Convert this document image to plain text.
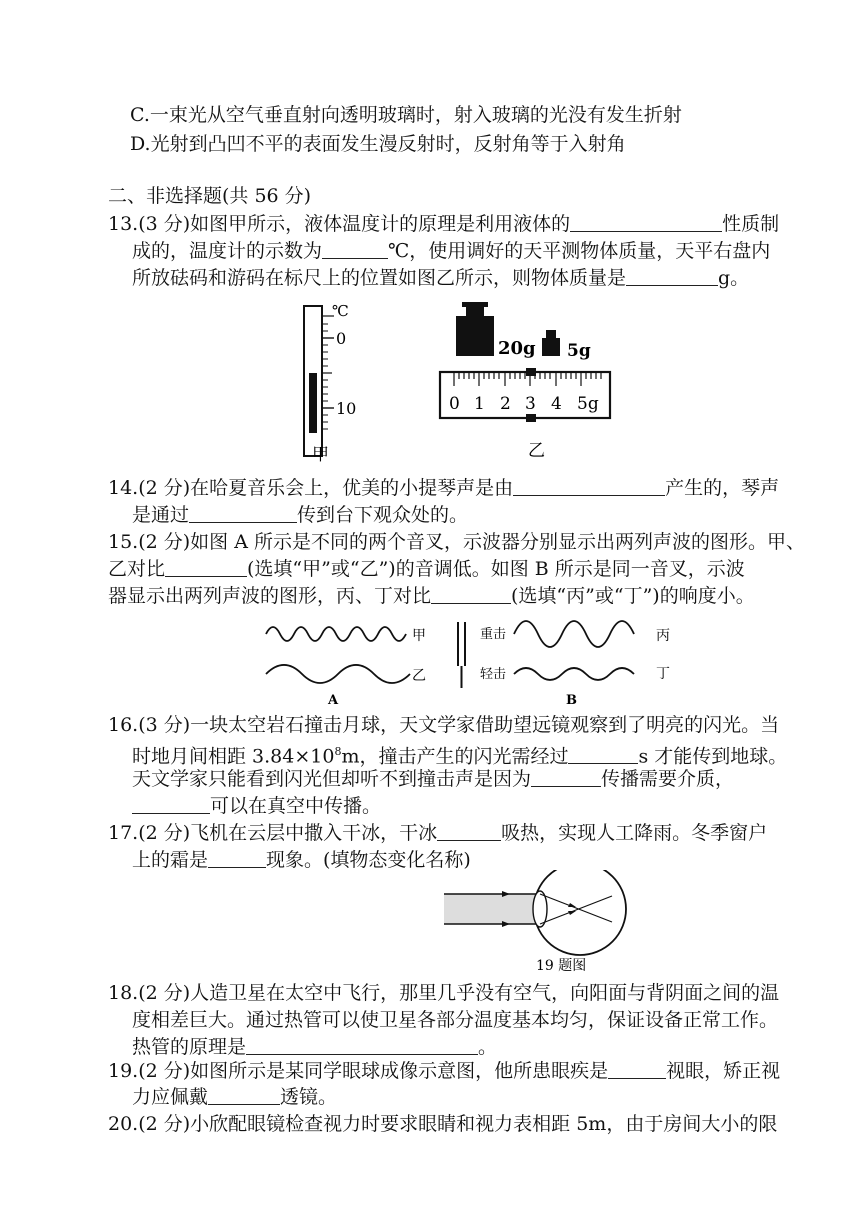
C.一束光从空气垂直射向透明玻璃时，射入玻璃的光没有发生折射
D.光射到凸凹不平的表面发生漫反射时，反射角等于入射角
二、非选择题(共 56 分)
13.(3 分)如图甲所示，液体温度计的原理是利用液体的	性质制
成的，温度计的示数为	℃，使用调好的天平测物体质量，天平右盘内
所放砝码和游码在标尺上的位置如图乙所示，则物体质量是	g。
℃
0
10
甲
20g 5g
0 1 2 3 4 5g
乙
14.(2 分)在哈夏音乐会上，优美的小提琴声是由	产生的，琴声
是通过	传到台下观众处的。
15.(2 分)如图 A 所示是不同的两个音叉，示波器分别显示出两列声波的图形。甲、
乙对比	(选填“甲”或“乙”)的音调低。如图 B 所示是同一音叉，示波
器显示出两列声波的图形，丙、丁对比	(选填“丙”或“丁”)的响度小。
甲
乙
A
重击	丙
轻击	丁
B
16.(3 分)一块太空岩石撞击月球，天文学家借助望远镜观察到了明亮的闪光。当
时地月间相距 $3.84\times 10^8m$，撞击产生的闪光需经过	s 才能传到地球。
天文学家只能看到闪光但却听不到撞击声是因为	传播需要介质，
可以在真空中传播。
17.(2 分)飞机在云层中撒入干冰，干冰	吸热，实现人工降雨。冬季窗户
上的霜是	现象。(填物态变化名称)
19 题图
18.(2 分)人造卫星在太空中飞行，那里几乎没有空气，向阳面与背阴面之间的温
度相差巨大。通过热管可以使卫星各部分温度基本均匀，保证设备正常工作。
热管的原理是	。
19.(2 分)如图所示是某同学眼球成像示意图，他所患眼疾是	视眼，矫正视
力应佩戴	透镜。
20.(2 分)小欣配眼镜检查视力时要求眼睛和视力表相距 5m，由于房间大小的限
